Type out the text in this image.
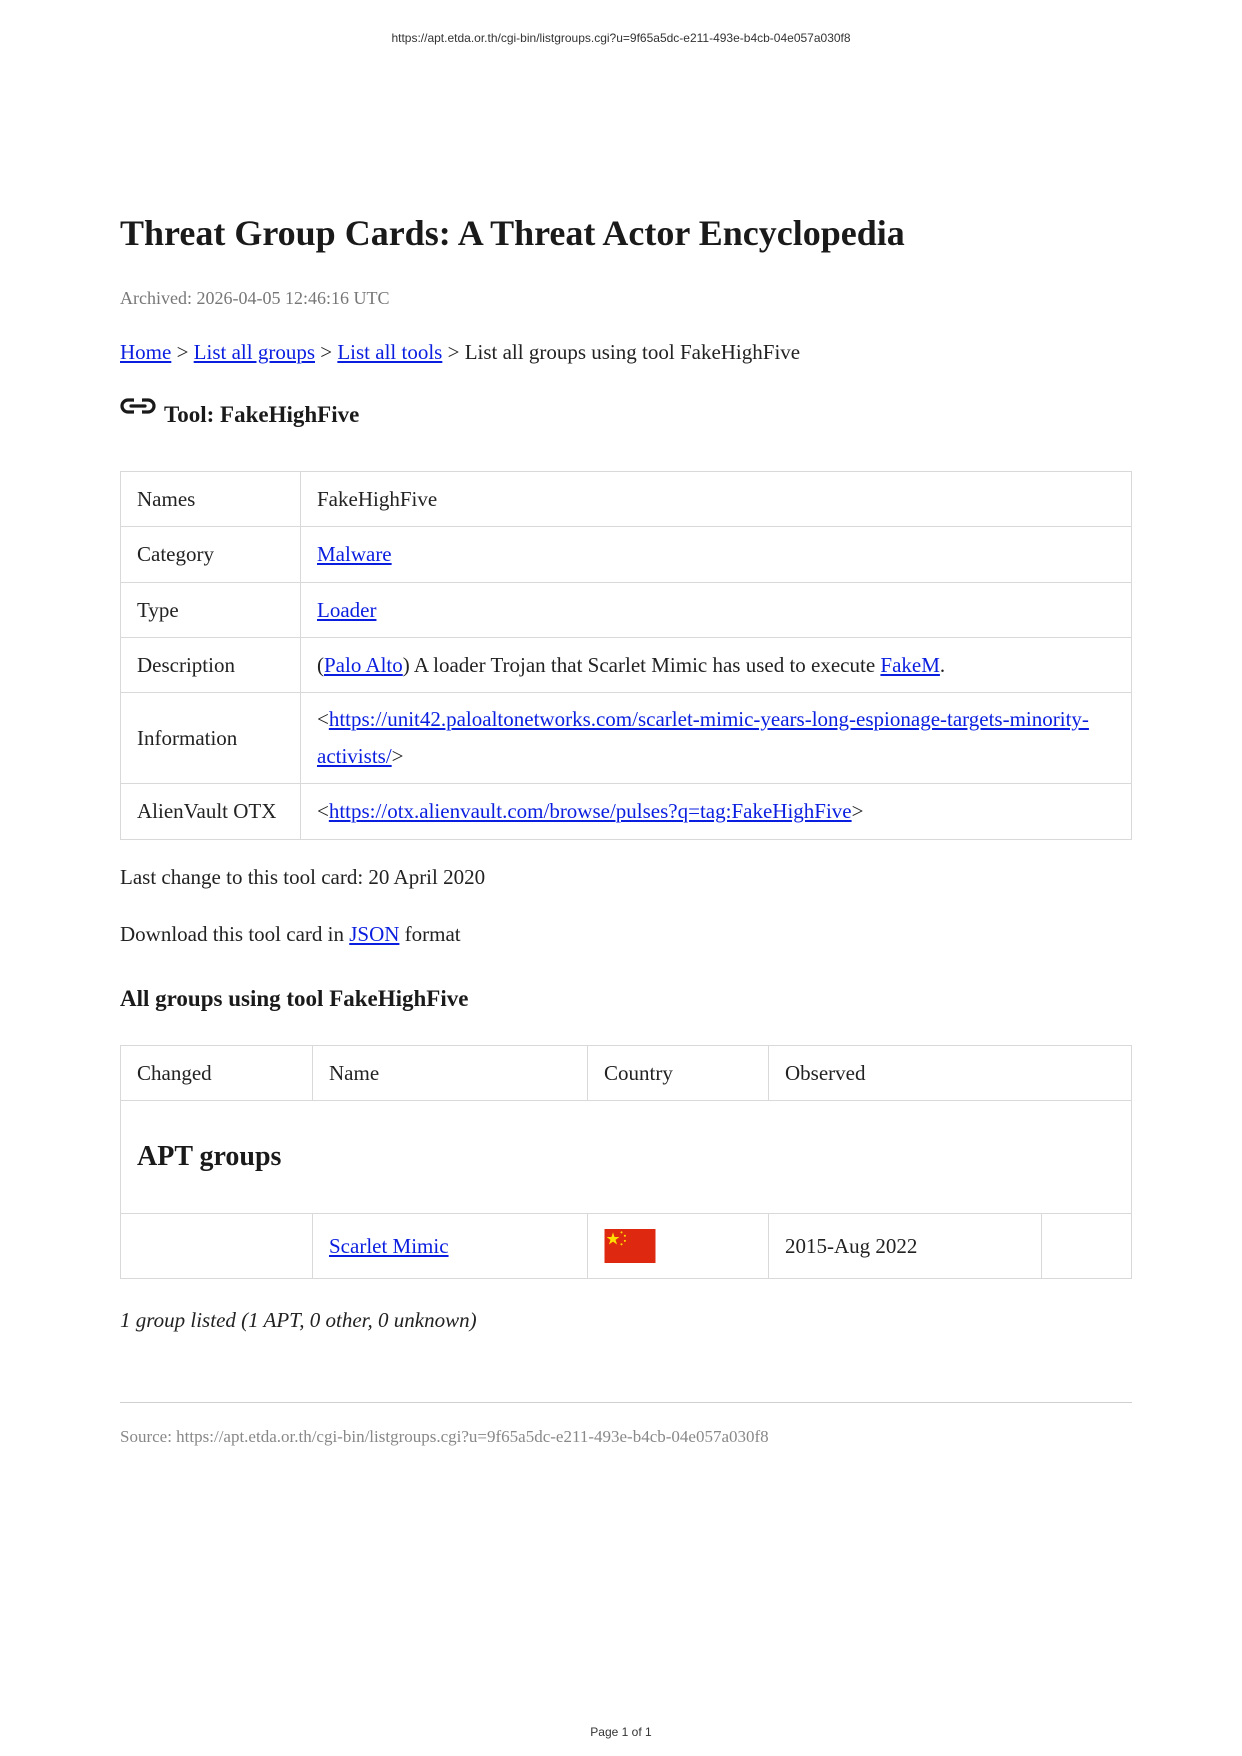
https://apt.etda.or.th/cgi-bin/listgroups.cgi?u=9f65a5dc-e211-493e-b4cb-04e057a030f8
Threat Group Cards: A Threat Actor Encyclopedia
Archived: 2026-04-05 12:46:16 UTC
Home > List all groups > List all tools > List all groups using tool FakeHighFive
Tool: FakeHighFive
Names	FakeHighFive
Category	Malware
Type	Loader
Description	(Palo Alto) A loader Trojan that Scarlet Mimic has used to execute FakeM.
Information	<https://unit42.paloaltonetworks.com/scarlet-mimic-years-long-espionage-targets-minority-activists/>
AlienVault OTX	<https://otx.alienvault.com/browse/pulses?q=tag:FakeHighFive>
Last change to this tool card: 20 April 2020
Download this tool card in JSON format
All groups using tool FakeHighFive
Changed	Name	Country	Observed	
APT groups				
	Scarlet Mimic		2015-Aug 2022	
1 group listed (1 APT, 0 other, 0 unknown)
Source: https://apt.etda.or.th/cgi-bin/listgroups.cgi?u=9f65a5dc-e211-493e-b4cb-04e057a030f8
Page 1 of 1
